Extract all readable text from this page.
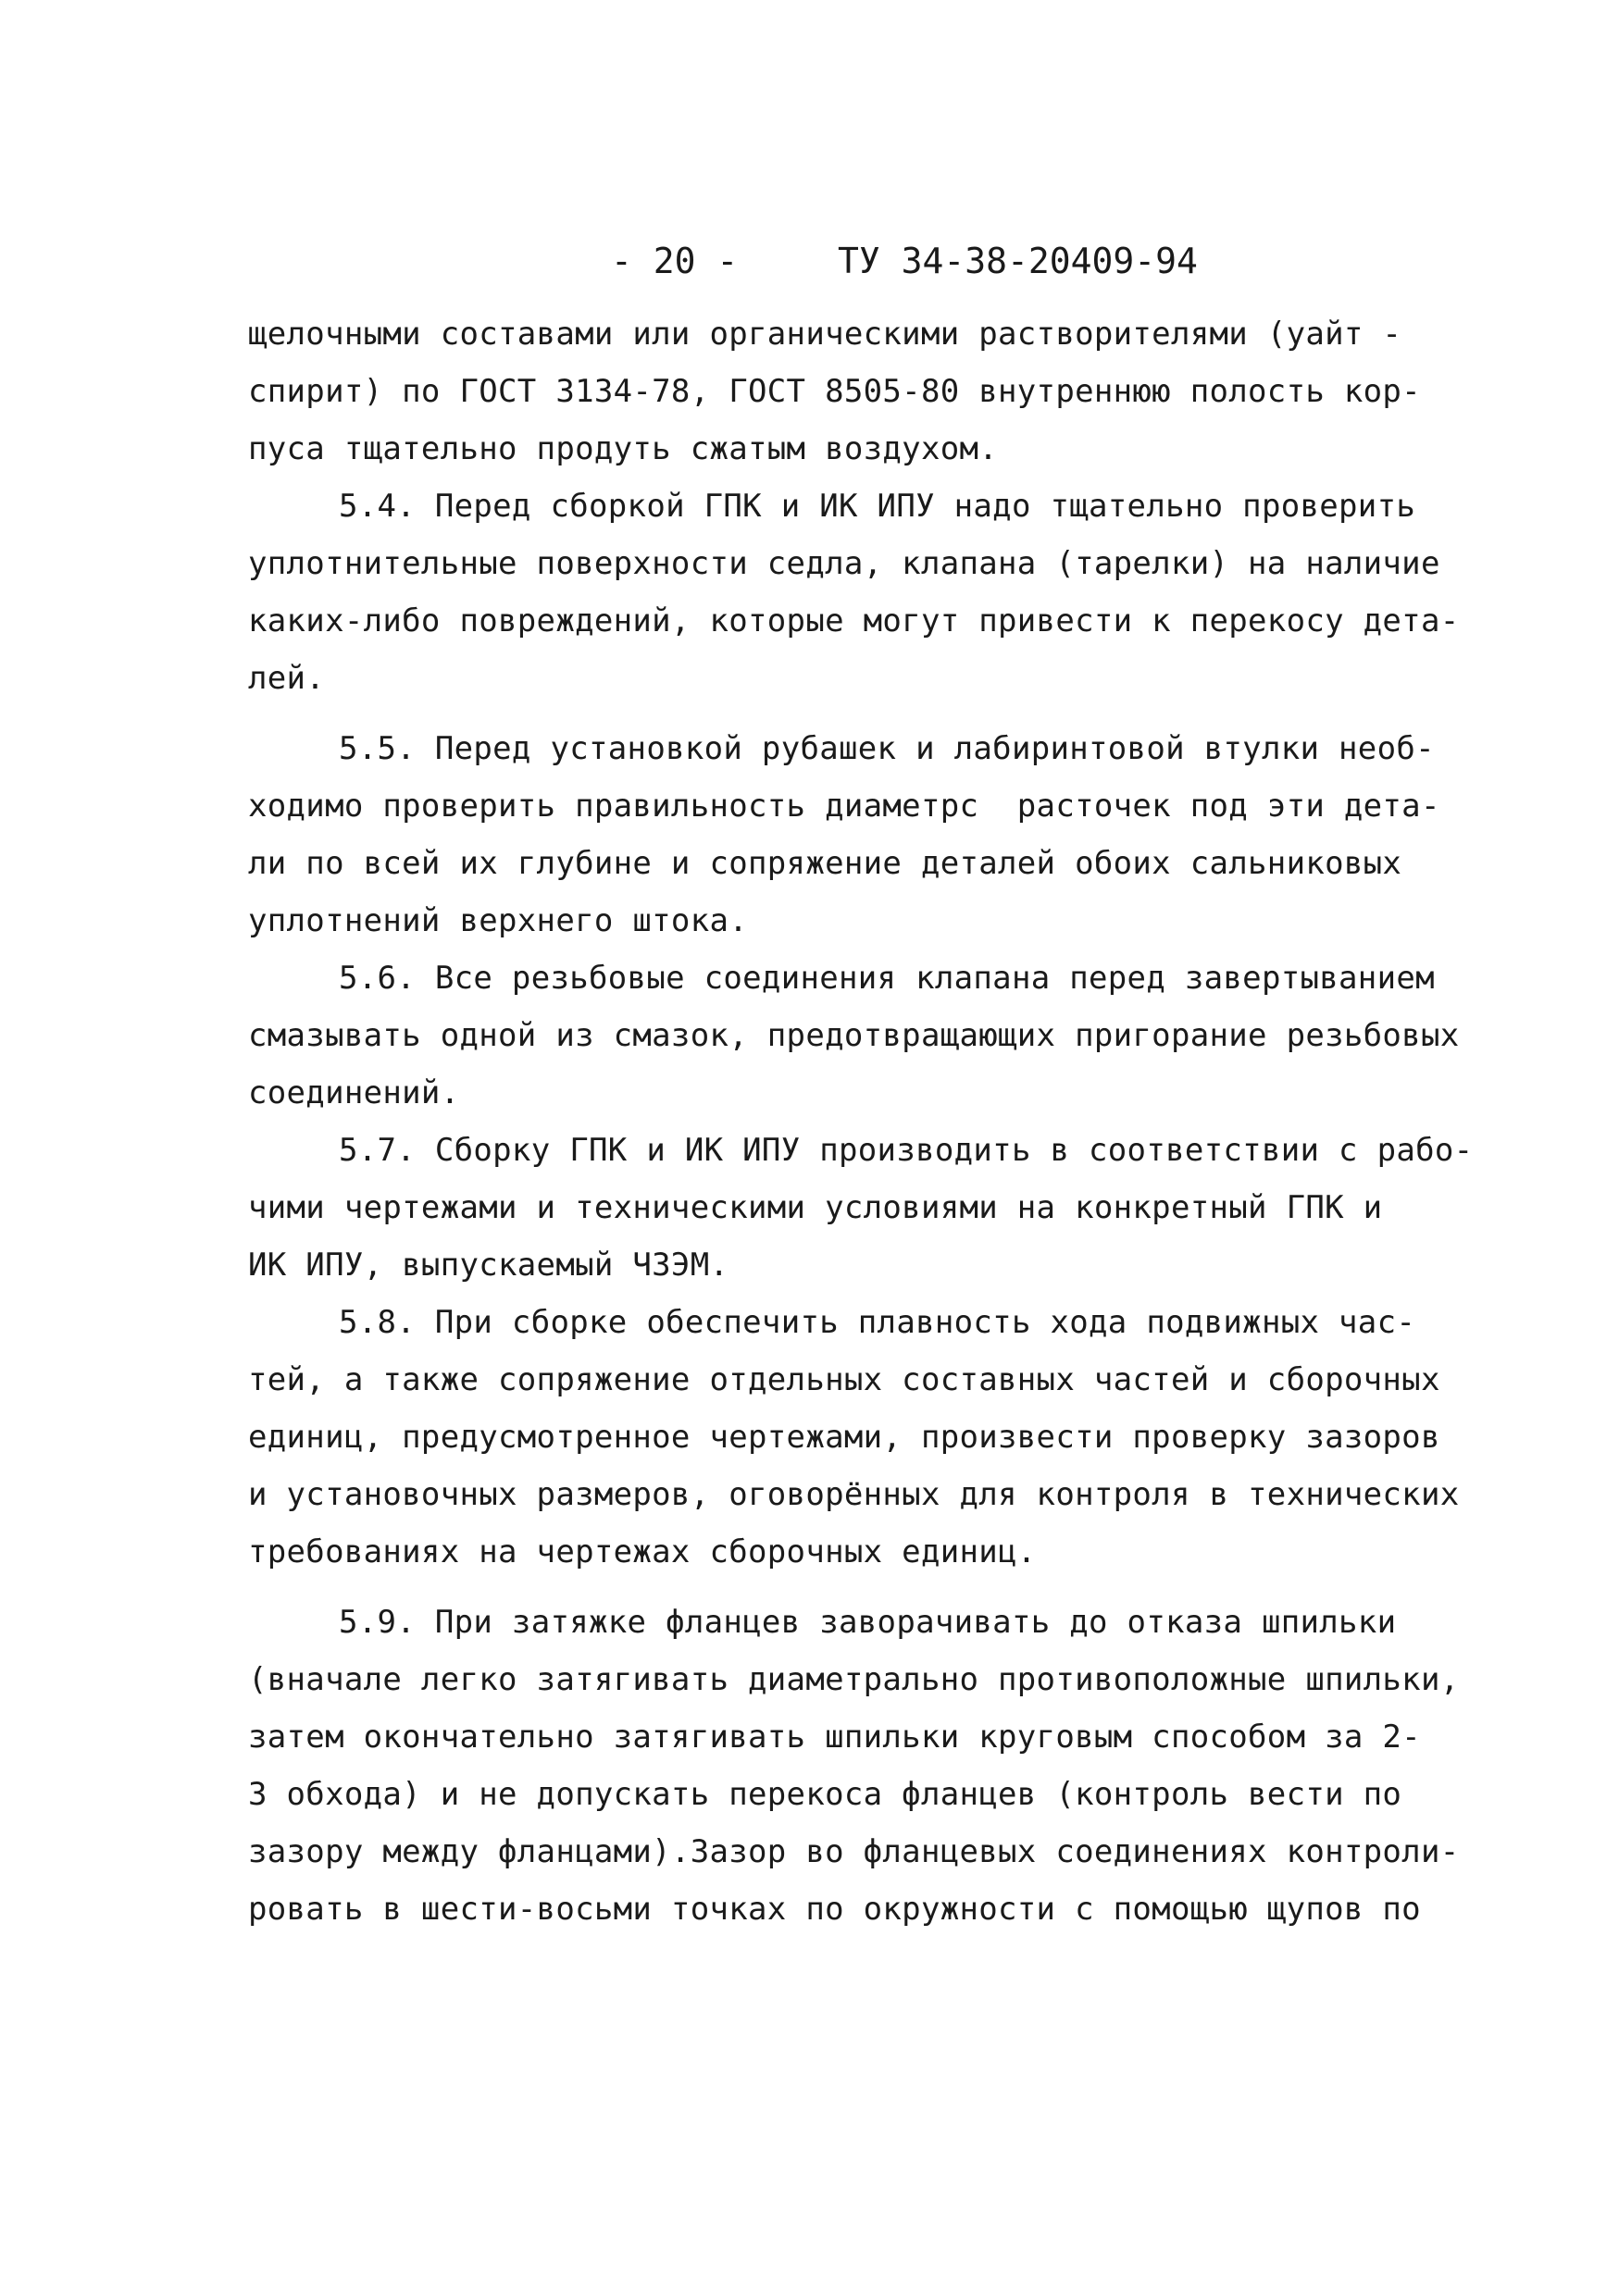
- 20 -	ТУ 34-38-20409-94
щелочными составами или органическими растворителями (уайт -
спирит) по ГОСТ 3134-78, ГОСТ 8505-80 внутреннюю полость кор-
пуса тщательно продуть сжатым воздухом.
5.4. Перед сборкой ГПК и ИК ИПУ надо тщательно проверить
уплотнительные поверхности седла, клапана (тарелки) на наличие
каких-либо повреждений, которые могут привести к перекосу дета-
лей.
5.5. Перед установкой рубашек и лабиринтовой втулки необ-
ходимо проверить правильность диаметрс  расточек под эти дета-
ли по всей их глубине и сопряжение деталей обоих сальниковых
уплотнений верхнего штока.
5.6. Все резьбовые соединения клапана перед завертыванием
смазывать одной из смазок, предотвращающих пригорание резьбовых
соединений.
5.7. Сборку ГПК и ИК ИПУ производить в соответствии с рабо-
чими чертежами и техническими условиями на конкретный ГПК и
ИК ИПУ, выпускаемый ЧЗЭМ.
5.8. При сборке обеспечить плавность хода подвижных час-
тей, а также сопряжение отдельных составных частей и сборочных
единиц, предусмотренное чертежами, произвести проверку зазоров
и установочных размеров, оговорённых для контроля в технических
требованиях на чертежах сборочных единиц.
5.9. При затяжке фланцев заворачивать до отказа шпильки
(вначале легко затягивать диаметрально противоположные шпильки,
затем окончательно затягивать шпильки круговым способом за 2-
3 обхода) и не допускать перекоса фланцев (контроль вести по
зазору между фланцами).Зазор во фланцевых соединениях контроли-
ровать в шести-восьми точках по окружности с помощью щупов по
